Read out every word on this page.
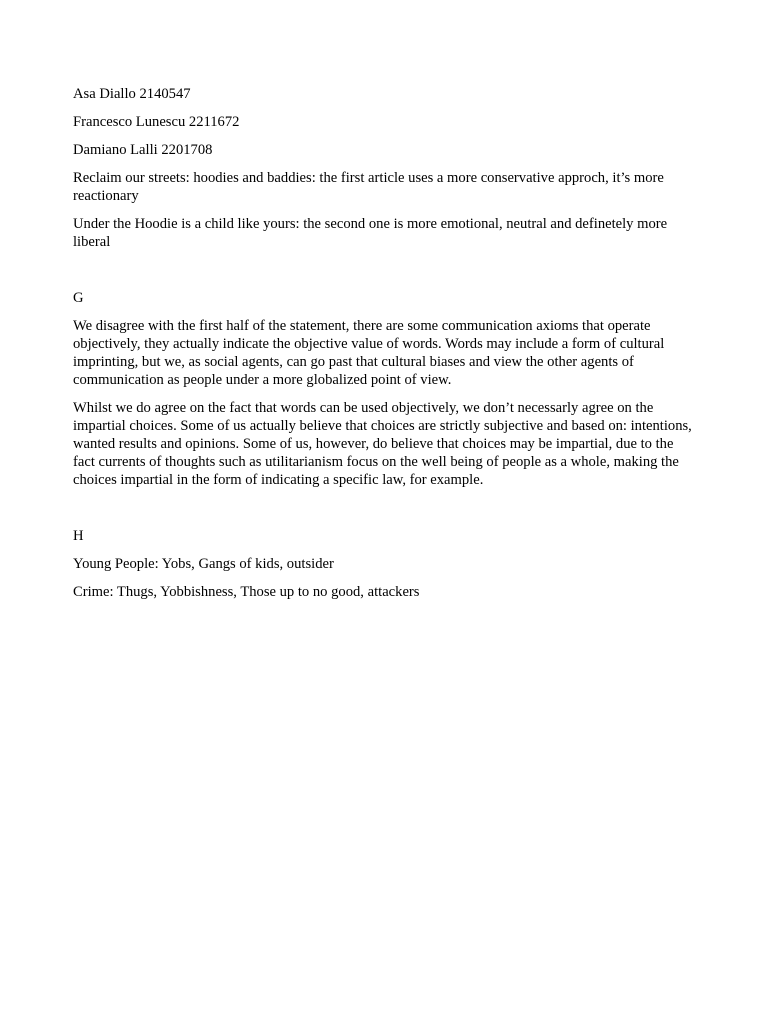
Asa Diallo 2140547

Francesco Lunescu 2211672

Damiano Lalli 2201708

Reclaim our streets: hoodies and baddies: the first article uses a more conservative approch, it’s more reactionary

Under the Hoodie is a child like yours: the second one is more emotional, neutral and definetely more liberal

G

We disagree with the first half of the statement, there are some communication axioms that operate objectively, they actually indicate the objective value of words. Words may include a form of cultural imprinting, but we, as social agents, can go past that cultural biases and view the other agents of communication as people under a more globalized point of view.

Whilst we do agree on the fact that words can be used objectively, we don’t necessarly agree on the impartial choices. Some of us actually believe that choices are strictly subjective and based on: intentions, wanted results and opinions. Some of us, however, do believe that choices may be impartial, due to the fact currents of thoughts such as utilitarianism focus on the well being of people as a whole, making the choices impartial in the form of indicating a specific law, for example.

H

Young People: Yobs, Gangs of kids, outsider

Crime: Thugs, Yobbishness, Those up to no good, attackers
